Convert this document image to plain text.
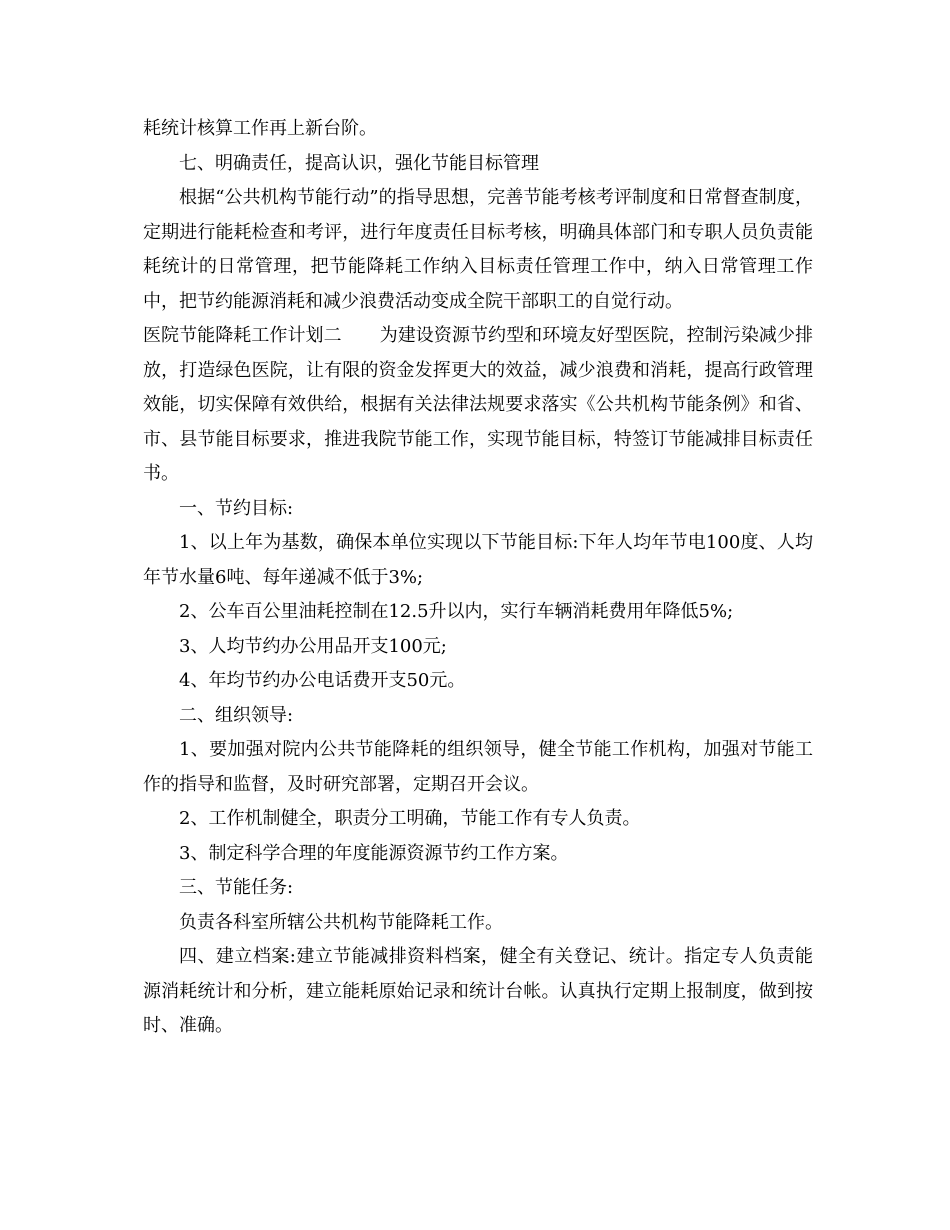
耗统计核算工作再上新台阶。

七、明确责任，提高认识，强化节能目标管理

根据“公共机构节能行动”的指导思想，完善节能考核考评制度和日常督查制度，定期进行能耗检查和考评，进行年度责任目标考核，明确具体部门和专职人员负责能耗统计的日常管理，把节能降耗工作纳入目标责任管理工作中，纳入日常管理工作中，把节约能源消耗和减少浪费活动变成全院干部职工的自觉行动。

医院节能降耗工作计划二 为建设资源节约型和环境友好型医院，控制污染减少排放，打造绿色医院，让有限的资金发挥更大的效益，减少浪费和消耗，提高行政管理效能，切实保障有效供给，根据有关法律法规要求落实《公共机构节能条例》和省、市、县节能目标要求，推进我院节能工作，实现节能目标，特签订节能减排目标责任书。

一、节约目标:

1、以上年为基数，确保本单位实现以下节能目标:下年人均年节电100度、人均年节水量6吨、每年递减不低于3%;

2、公车百公里油耗控制在12.5升以内，实行车辆消耗费用年降低5%;

3、人均节约办公用品开支100元;

4、年均节约办公电话费开支50元。

二、组织领导:

1、要加强对院内公共节能降耗的组织领导，健全节能工作机构，加强对节能工作的指导和监督，及时研究部署，定期召开会议。

2、工作机制健全，职责分工明确，节能工作有专人负责。

3、制定科学合理的年度能源资源节约工作方案。

三、节能任务:

负责各科室所辖公共机构节能降耗工作。

四、建立档案:建立节能减排资料档案，健全有关登记、统计。指定专人负责能源消耗统计和分析，建立能耗原始记录和统计台帐。认真执行定期上报制度，做到按时、准确。
